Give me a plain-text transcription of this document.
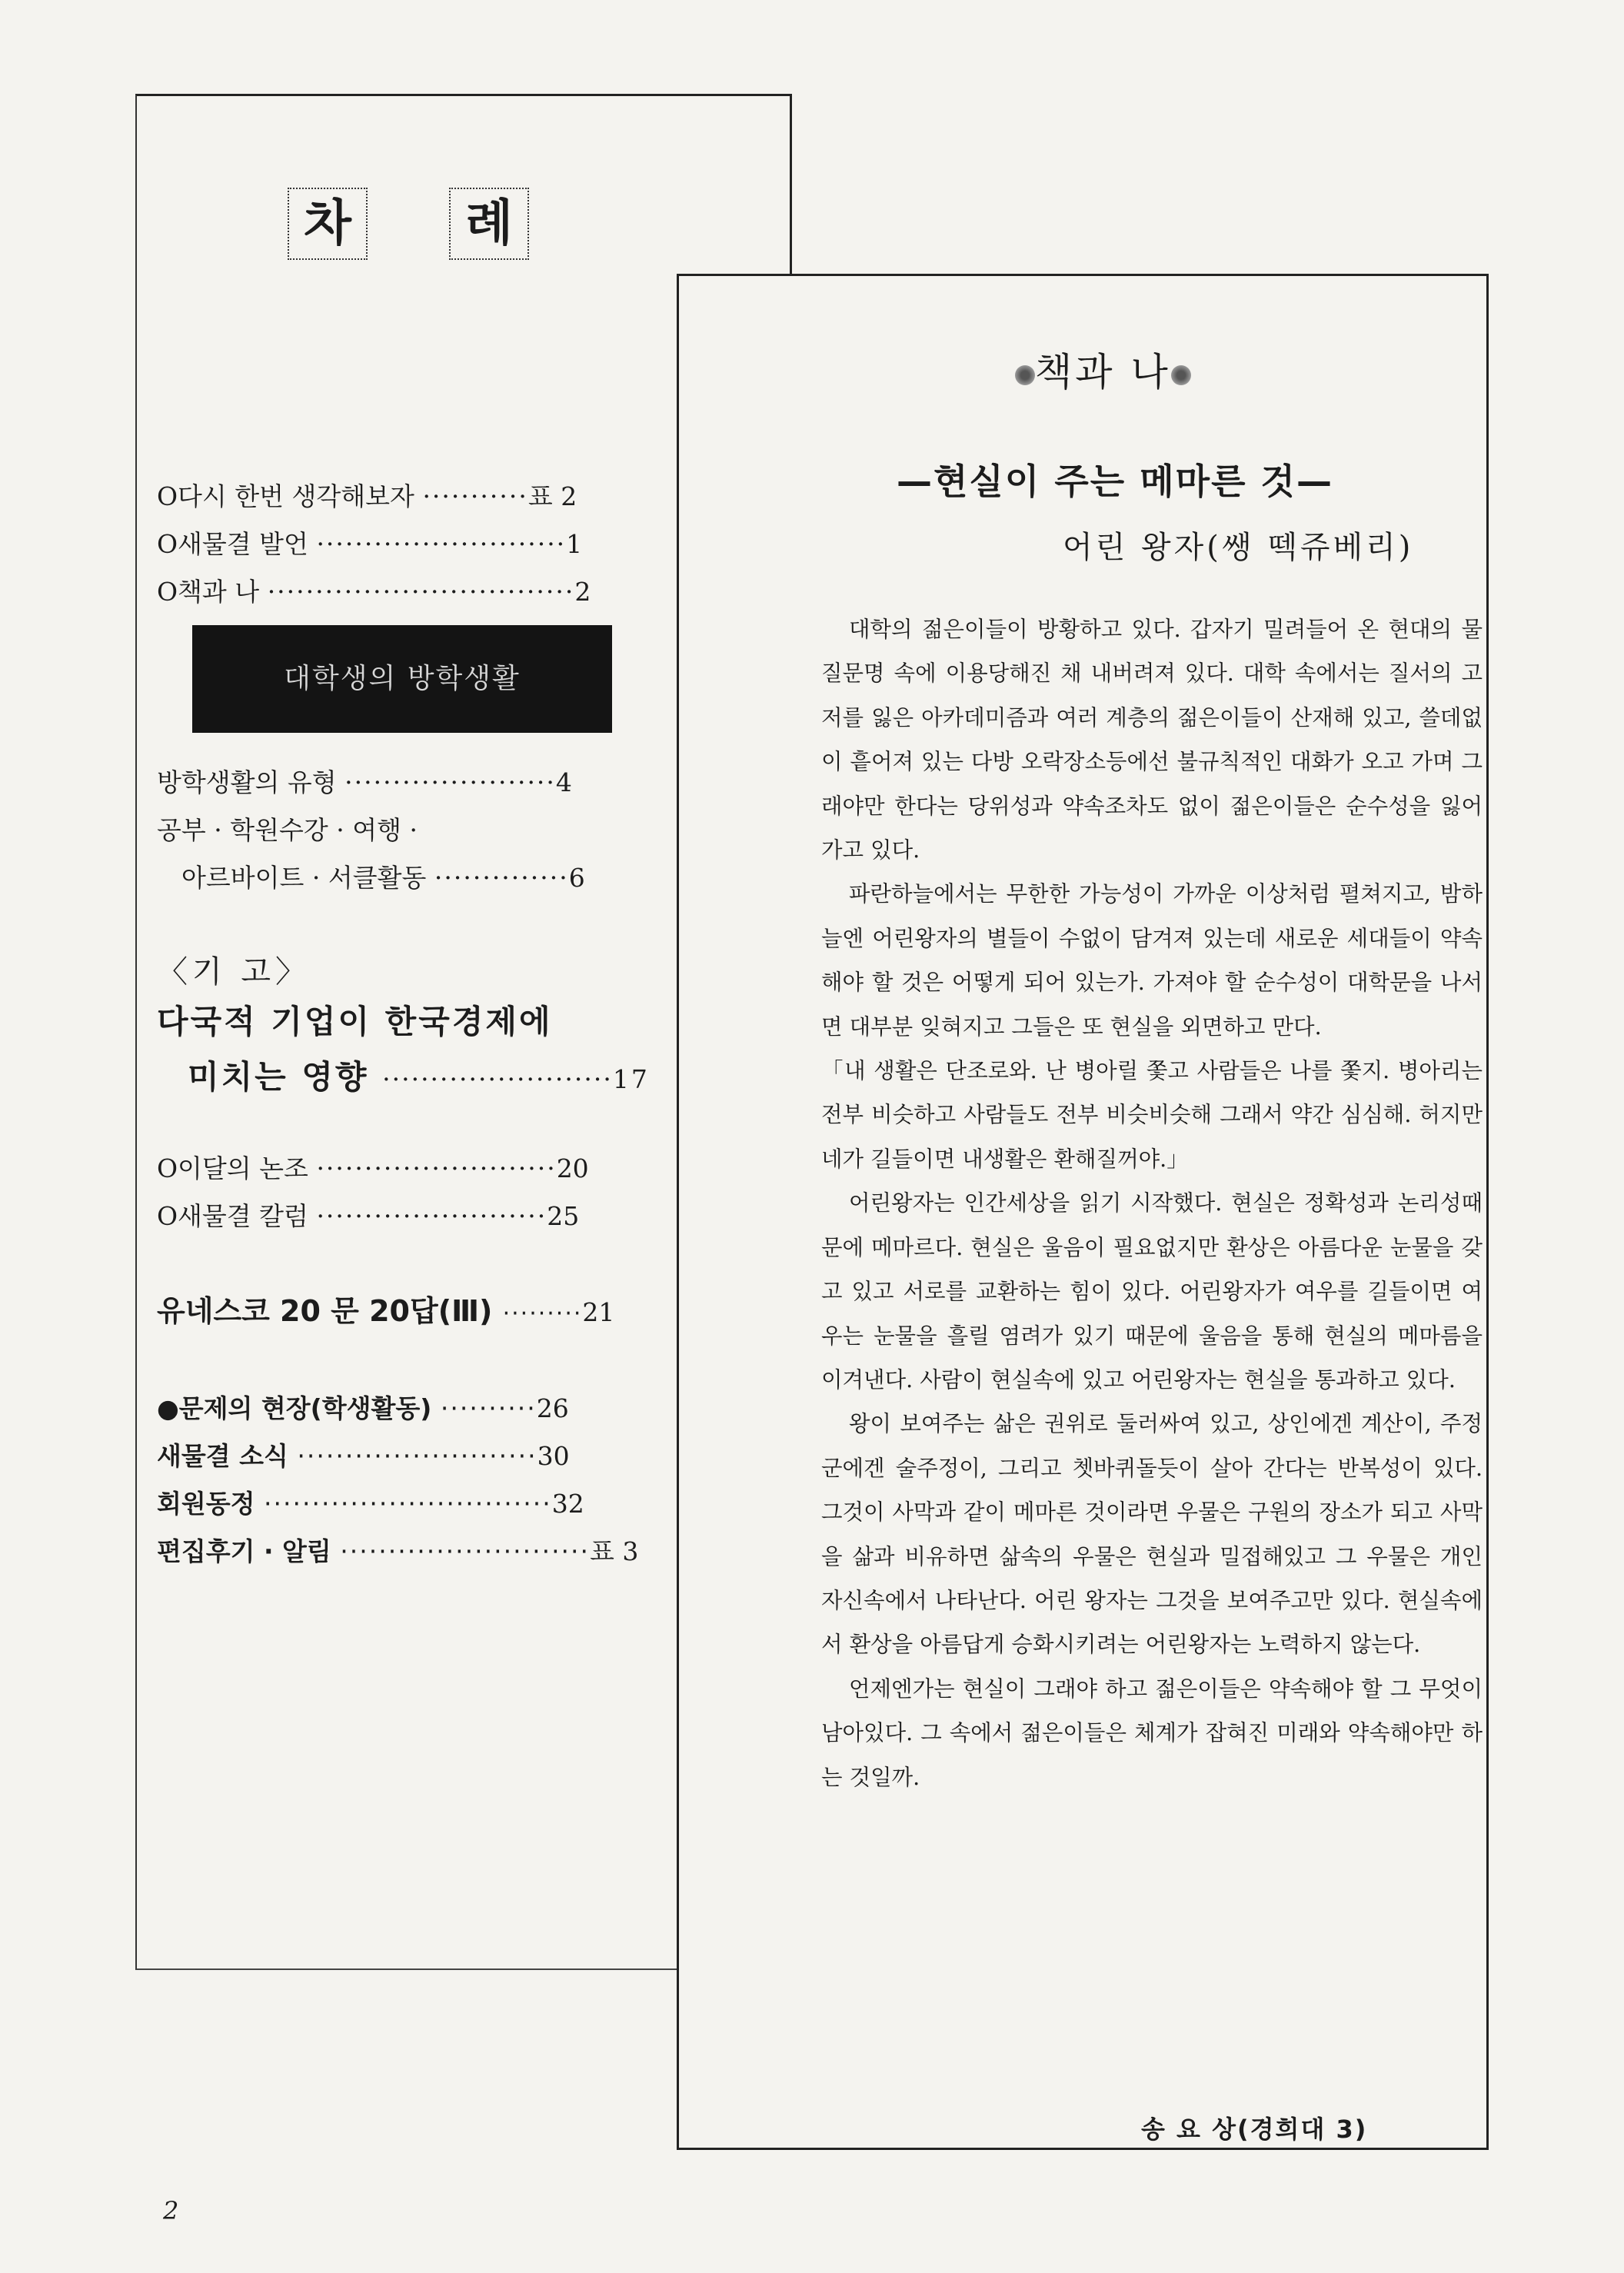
차	례
O다시 한번 생각해보자 ···········표 2
O새물결 발언 ··························1
O책과 나 ································2
대학생의 방학생활
방학생활의 유형 ······················4
공부 · 학원수강 · 여행 ·
아르바이트 · 서클활동 ··············6
〈기 고〉
다국적 기업이 한국경제에
미치는 영향 ························17
O이달의 논조 ·························20
O새물결 칼럼 ························25
유네스코 20 문 20답(Ⅲ) ·········21
●문제의 현장(학생활동) ··········26
새물결 소식 ·························30
회원동정 ······························32
편집후기 · 알림 ··························표 3
책과 나
—현실이 주는 메마른 것—
어린 왕자(쌩 떽쥬베리)

대학의 젊은이들이 방황하고 있다. 갑자기 밀려들어 온 현대의 물질문명 속에 이용당해진 채 내버려져 있다. 대학 속에서는 질서의 고저를 잃은 아카데미즘과 여러 계층의 젊은이들이 산재해 있고, 쓸데없이 흩어져 있는 다방 오락장소등에선 불규칙적인 대화가 오고 가며 그래야만 한다는 당위성과 약속조차도 없이 젊은이들은 순수성을 잃어가고 있다.

파란하늘에서는 무한한 가능성이 가까운 이상처럼 펼쳐지고, 밤하늘엔 어린왕자의 별들이 수없이 담겨져 있는데 새로운 세대들이 약속해야 할 것은 어떻게 되어 있는가. 가져야 할 순수성이 대학문을 나서면 대부분 잊혀지고 그들은 또 현실을 외면하고 만다.

「내 생활은 단조로와. 난 병아릴 쫓고 사람들은 나를 쫓지. 병아리는 전부 비슷하고 사람들도 전부 비슷비슷해 그래서 약간 심심해. 허지만 네가 길들이면 내생활은 환해질꺼야.」

어린왕자는 인간세상을 읽기 시작했다. 현실은 정확성과 논리성때문에 메마르다. 현실은 울음이 필요없지만 환상은 아름다운 눈물을 갖고 있고 서로를 교환하는 힘이 있다. 어린왕자가 여우를 길들이면 여우는 눈물을 흘릴 염려가 있기 때문에 울음을 통해 현실의 메마름을 이겨낸다. 사람이 현실속에 있고 어린왕자는 현실을 통과하고 있다.

왕이 보여주는 삶은 권위로 둘러싸여 있고, 상인에겐 계산이, 주정군에겐 술주정이, 그리고 쳇바퀴돌듯이 살아 간다는 반복성이 있다. 그것이 사막과 같이 메마른 것이라면 우물은 구원의 장소가 되고 사막을 삶과 비유하면 삶속의 우물은 현실과 밀접해있고 그 우물은 개인 자신속에서 나타난다. 어린 왕자는 그것을 보여주고만 있다. 현실속에서 환상을 아름답게 승화시키려는 어린왕자는 노력하지 않는다.

언제엔가는 현실이 그래야 하고 젊은이들은 약속해야 할 그 무엇이 남아있다. 그 속에서 젊은이들은 체계가 잡혀진 미래와 약속해야만 하는 것일까.

송 요 상(경희대 3)
2
